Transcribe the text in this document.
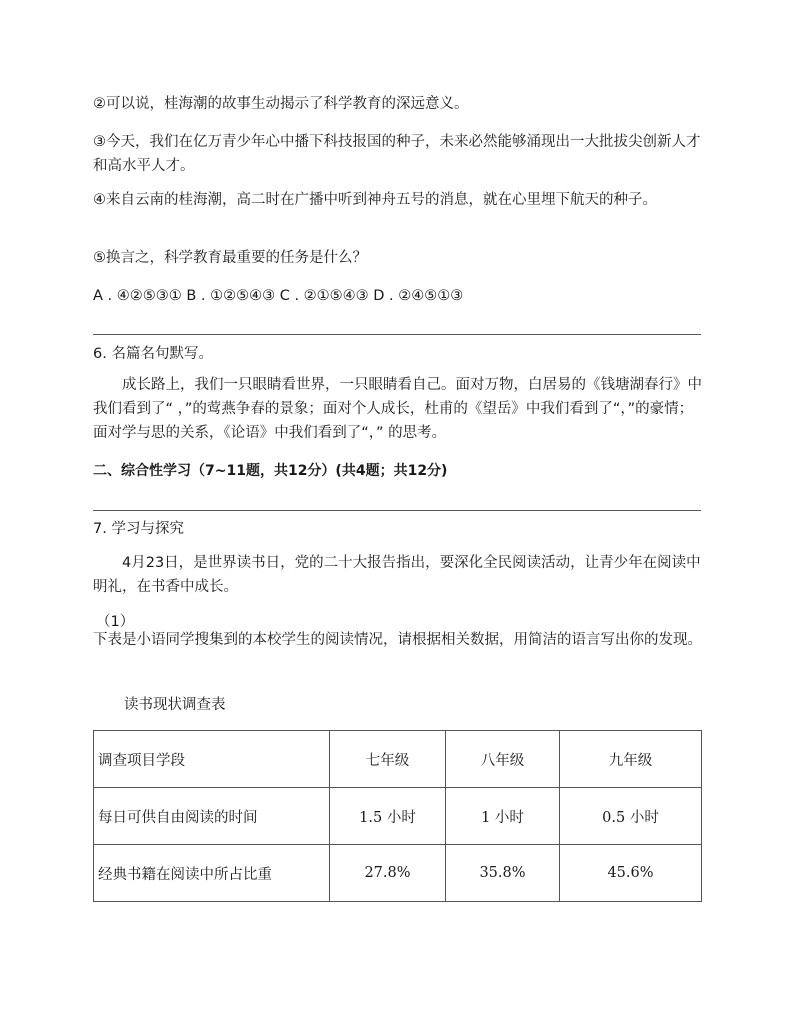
②可以说，桂海潮的故事生动揭示了科学教育的深远意义。

③今天，我们在亿万青少年心中播下科技报国的种子，未来必然能够涌现出一大批拔尖创新人才和高水平人才。

④来自云南的桂海潮，高二时在广播中听到神舟五号的消息，就在心里埋下航天的种子。

⑤换言之，科学教育最重要的任务是什么？

A . ④②⑤③① B . ①②⑤④③ C . ②①⑤④③ D . ②④⑤①③

6. 名篇名句默写。

成长路上，我们一只眼睛看世界，一只眼睛看自己。面对万物，白居易的《钱塘湖春行》中我们看到了“ ，”的莺燕争春的景象；面对个人成长，杜甫的《望岳》中我们看到了“，”的豪情；面对学与思的关系，《论语》中我们看到了“，” 的思考。

二、综合性学习（7~11题，共12分）(共4题；共12分)

7. 学习与探究

4月23日，是世界读书日，党的二十大报告指出，要深化全民阅读活动，让青少年在阅读中明礼，在书香中成长。

（1）

下表是小语同学搜集到的本校学生的阅读情况，请根据相关数据，用简洁的语言写出你的发现。

读书现状调查表

调查项目学段	七年级	八年级	九年级
每日可供自由阅读的时间	1.5 小时	1 小时	0.5 小时
经典书籍在阅读中所占比重	27.8%	35.8%	45.6%
